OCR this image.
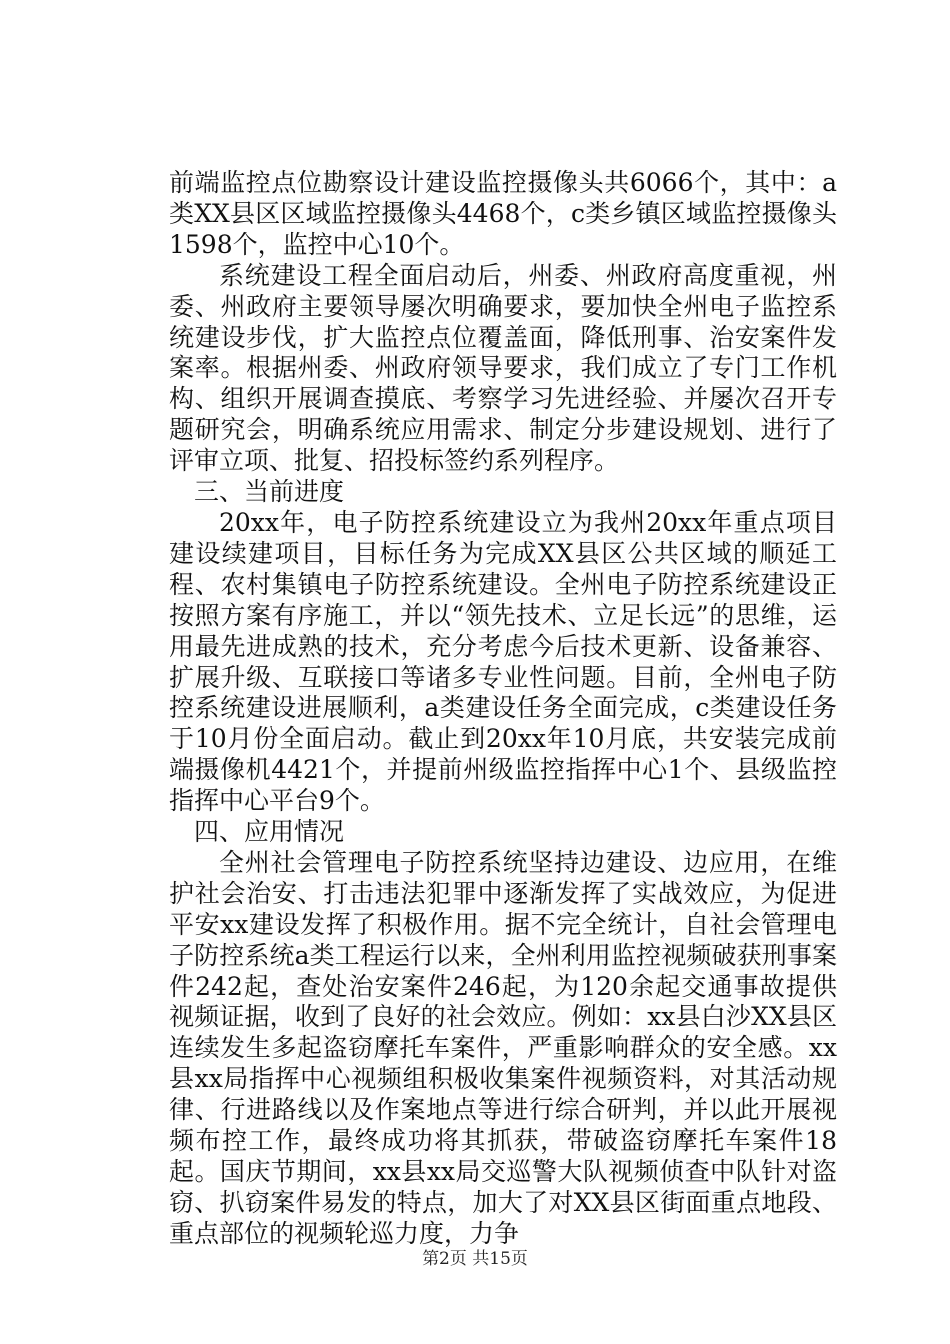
前端监控点位勘察设计建设监控摄像头共6066个，其中：a类XX县区区域监控摄像头4468个，c类乡镇区域监控摄像头1598个，监控中心10个。

系统建设工程全面启动后，州委、州政府高度重视，州委、州政府主要领导屡次明确要求，要加快全州电子监控系统建设步伐，扩大监控点位覆盖面，降低刑事、治安案件发案率。根据州委、州政府领导要求，我们成立了专门工作机构、组织开展调查摸底、考察学习先进经验、并屡次召开专题研究会，明确系统应用需求、制定分步建设规划、进行了评审立项、批复、招投标签约系列程序。

三、当前进度

20xx年，电子防控系统建设立为我州20xx年重点项目建设续建项目，目标任务为完成XX县区公共区域的顺延工程、农村集镇电子防控系统建设。全州电子防控系统建设正按照方案有序施工，并以“领先技术、立足长远”的思维，运用最先进成熟的技术，充分考虑今后技术更新、设备兼容、扩展升级、互联接口等诸多专业性问题。目前，全州电子防控系统建设进展顺利，a类建设任务全面完成，c类建设任务于10月份全面启动。截止到20xx年10月底，共安装完成前端摄像机4421个，并提前州级监控指挥中心1个、县级监控指挥中心平台9个。

四、应用情况

全州社会管理电子防控系统坚持边建设、边应用，在维护社会治安、打击违法犯罪中逐渐发挥了实战效应，为促进平安xx建设发挥了积极作用。据不完全统计，自社会管理电子防控系统a类工程运行以来，全州利用监控视频破获刑事案件242起，查处治安案件246起，为120余起交通事故提供视频证据，收到了良好的社会效应。例如：xx县白沙XX县区连续发生多起盗窃摩托车案件，严重影响群众的安全感。xx县xx局指挥中心视频组积极收集案件视频资料，对其活动规律、行进路线以及作案地点等进行综合研判，并以此开展视频布控工作，最终成功将其抓获，带破盗窃摩托车案件18起。国庆节期间，xx县xx局交巡警大队视频侦查中队针对盗窃、扒窃案件易发的特点，加大了对XX县区街面重点地段、重点部位的视频轮巡力度，力争

第2页 共15页
